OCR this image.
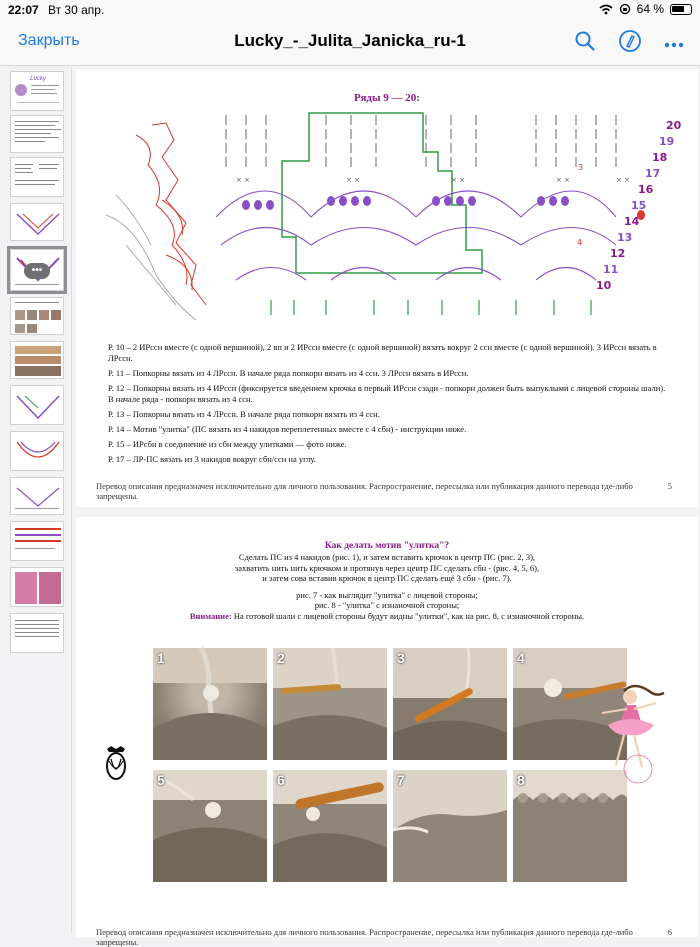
22:07 Вт 30 апр.	64 %
Закрыть	Lucky_-_Julita_Janicka_ru-1
Lucky
•••
Ряды 9 — 20:
× ×	× ×	× ×	× ×	× ×
3
4
20
19
18
17
16
15
14
13
12
11
10

Р. 10 – 2 ИРссн вместе (с одной вершиной), 2 вп и 2 ИРссн вместе (с одной вершиной) вязать вокруг 2 ссн вместе (с одной вершиной). 3 ИРссн вязать в ЛРссн.

Р. 11 – Попкорны вязать из 4 ЛРссн. В начале ряда попкорн вязать из 4 ссн. 3 ЛРссн вязать в ИРссн.

Р. 12 – Попкорны вязать из 4 ИРссн (фиксируется введением крючка в первый ИРссн сзади - попкорн должен быть выпуклыми с лицевой стороны шали). В начале ряда - попкорн вязать из 4 ссн.

Р. 13 – Попкорны вязать из 4 ЛРссн. В начале ряда попкорн вязать из 4 ссн.

Р. 14 – Мотив "улитка" (ПС вязать из 4 накидов переплетенных вместе с 4 сбн) - инструкции ниже.

Р. 15 – ИРсбн в соединение из сбн между улитками — фото ниже.

Р. 17 – ЛР-ПС вязать из 3 накидов вокруг сбн/ссн на углу.

Перевод описания предназначен исключительно для личного пользования. Распространение, пересылка или публикация данного перевода где-либо запрещены.
5
Как делать мотив "улитка"?
Сделать ПС из 4 накидов (рис. 1), и затем вставить крючок в центр ПС (рис. 2, 3),
захватить нить нить крючком и протянув через центр ПС сделать сбн - (рис. 4, 5, 6),
и затем сова вставив крючок в центр ПС сделать ещё 3 сбн - (рис. 7).
рис. 7 - как выглядит "улитка" с лицевой стороны;
рис. 8 - "улитка" с изнаночной стороны;
Внимание: На готовой шали с лицевой стороны будут видны "улитки", как на рис. 8, с изнаночной стороны.
1	2	3	4
5	6	7	8
Перевод описания предназначен исключительно для личного пользования. Распространение, пересылка или публикация данного перевода где-либо запрещены.
6
